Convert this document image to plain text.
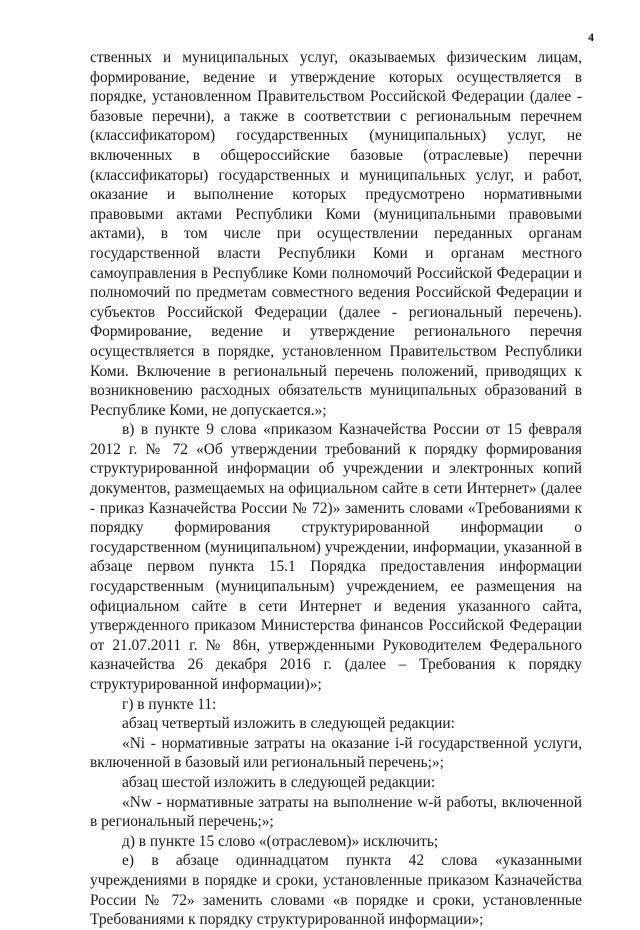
4

ственных и муниципальных услуг, оказываемых физическим лицам, формирование, ведение и утверждение которых осуществляется в порядке, установленном Правительством Российской Федерации (далее - базовые перечни), а также в соответствии с региональным перечнем (классификатором) государственных (муниципальных) услуг, не включенных в общероссийские базовые (отраслевые) перечни (классификаторы) государственных и муниципальных услуг, и работ, оказание и выполнение которых предусмотрено нормативными правовыми актами Республики Коми (муниципальными правовыми актами), в том числе при осуществлении переданных органам государственной власти Республики Коми и органам местного самоуправления в Республике Коми полномочий Российской Федерации и полномочий по предметам совместного ведения Российской Федерации и субъектов Российской Федерации (далее - региональный перечень). Формирование, ведение и утверждение регионального перечня осуществляется в порядке, установленном Правительством Республики Коми. Включение в региональный перечень положений, приводящих к возникновению расходных обязательств муниципальных образований в Республике Коми, не допускается.»;

в) в пункте 9 слова «приказом Казначейства России от 15 февраля 2012 г. № 72 «Об утверждении требований к порядку формирования структурированной информации об учреждении и электронных копий документов, размещаемых на официальном сайте в сети Интернет» (далее - приказ Казначейства России № 72)» заменить словами «Требованиями к порядку формирования структурированной информации о государственном (муниципальном) учреждении, информации, указанной в абзаце первом пункта 15.1 Порядка предоставления информации государственным (муниципальным) учреждением, ее размещения на официальном сайте в сети Интернет и ведения указанного сайта, утвержденного приказом Министерства финансов Российской Федерации от 21.07.2011 г. № 86н, утвержденными Руководителем Федерального казначейства 26 декабря 2016 г. (далее – Требования к порядку структурированной информации)»;

г) в пункте 11:

абзац четвертый изложить в следующей редакции:

«Ni - нормативные затраты на оказание i-й государственной услуги, включенной в базовый или региональный перечень;»;

абзац шестой изложить в следующей редакции:

«Nw - нормативные затраты на выполнение w-й работы, включенной в региональный перечень;»;

д) в пункте 15 слово «(отраслевом)» исключить;

е) в абзаце одиннадцатом пункта 42 слова «указанными учреждениями в порядке и сроки, установленные приказом Казначейства России № 72» заменить словами «в порядке и сроки, установленные Требованиями к порядку структурированной информации»;
